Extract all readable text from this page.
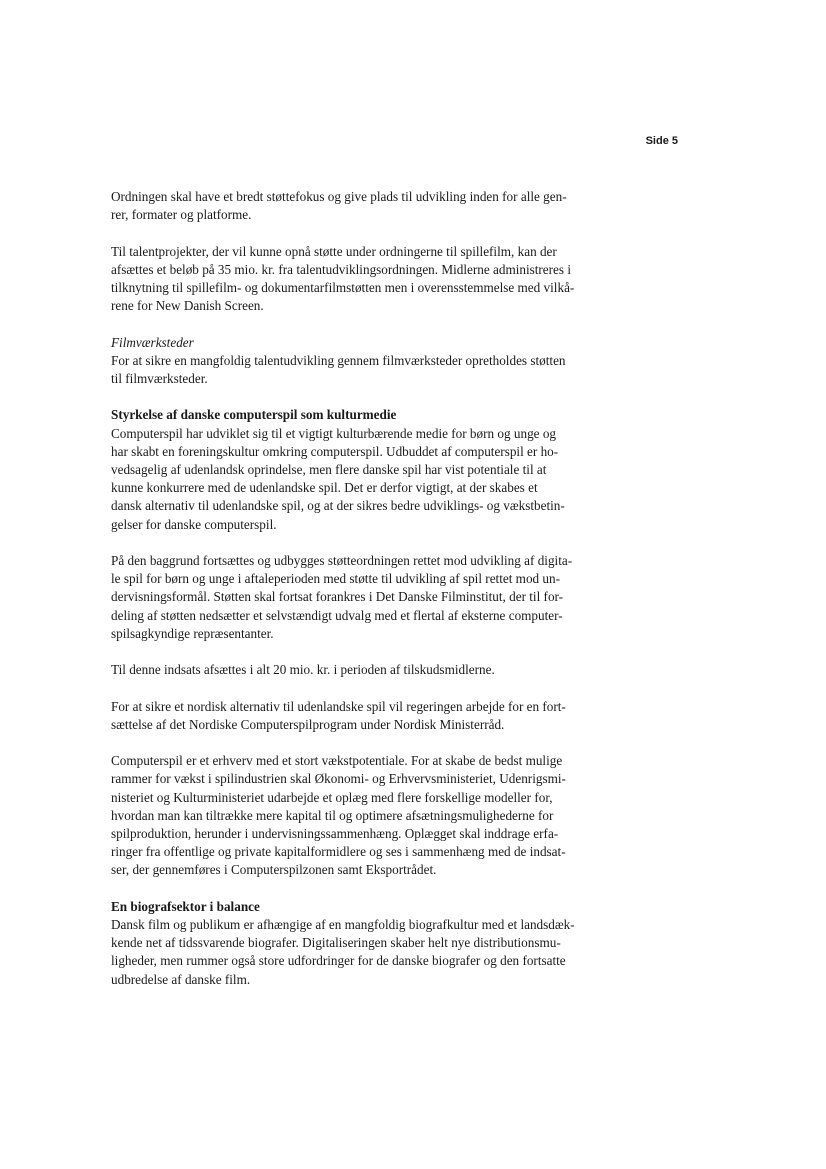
Side 5
Ordningen skal have et bredt støttefokus og give plads til udvikling inden for alle gen-
rer, formater og platforme.
Til talentprojekter, der vil kunne opnå støtte under ordningerne til spillefilm, kan der
afsættes et beløb på 35 mio. kr. fra talentudviklingsordningen. Midlerne administreres i
tilknytning til spillefilm- og dokumentarfilmstøtten men i overensstemmelse med vilkå-
rene for New Danish Screen.
Filmværksteder
For at sikre en mangfoldig talentudvikling gennem filmværksteder opretholdes støtten
til filmværksteder.
Styrkelse af danske computerspil som kulturmedie
Computerspil har udviklet sig til et vigtigt kulturbærende medie for børn og unge og
har skabt en foreningskultur omkring computerspil. Udbuddet af computerspil er ho-
vedsagelig af udenlandsk oprindelse, men flere danske spil har vist potentiale til at
kunne konkurrere med de udenlandske spil. Det er derfor vigtigt, at der skabes et
dansk alternativ til udenlandske spil, og at der sikres bedre udviklings- og vækstbetin-
gelser for danske computerspil.
På den baggrund fortsættes og udbygges støtteordningen rettet mod udvikling af digita-
le spil for børn og unge i aftaleperioden med støtte til udvikling af spil rettet mod un-
dervisningsformål. Støtten skal fortsat forankres i Det Danske Filminstitut, der til for-
deling af støtten nedsætter et selvstændigt udvalg med et flertal af eksterne computer-
spilsagkyndige repræsentanter.
Til denne indsats afsættes i alt 20 mio. kr. i perioden af tilskudsmidlerne.
For at sikre et nordisk alternativ til udenlandske spil vil regeringen arbejde for en fort-
sættelse af det Nordiske Computerspilprogram under Nordisk Ministerråd.
Computerspil er et erhverv med et stort vækstpotentiale. For at skabe de bedst mulige
rammer for vækst i spilindustrien skal Økonomi- og Erhvervsministeriet, Udenrigsmi-
nisteriet og Kulturministeriet udarbejde et oplæg med flere forskellige modeller for,
hvordan man kan tiltrække mere kapital til og optimere afsætningsmulighederne for
spilproduktion, herunder i undervisningssammenhæng. Oplægget skal inddrage erfa-
ringer fra offentlige og private kapitalformidlere og ses i sammenhæng med de indsat-
ser, der gennemføres i Computerspilzonen samt Eksportrådet.
En biografsektor i balance
Dansk film og publikum er afhængige af en mangfoldig biografkultur med et landsdæk-
kende net af tidssvarende biografer. Digitaliseringen skaber helt nye distributionsmu-
ligheder, men rummer også store udfordringer for de danske biografer og den fortsatte
udbredelse af danske film.
